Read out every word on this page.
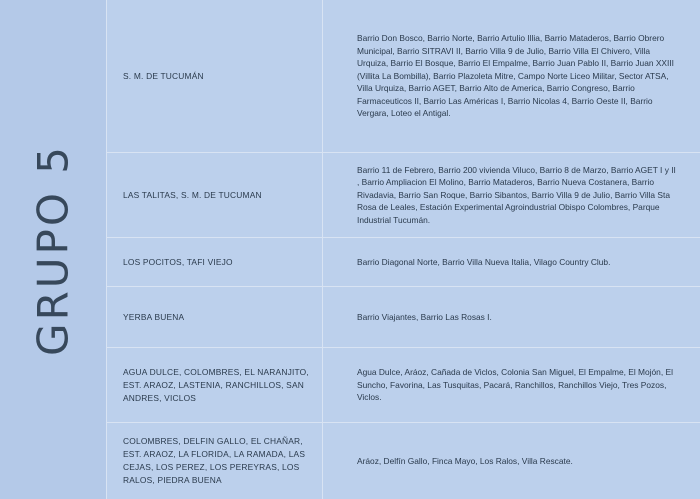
GRUPO 5
S. M. DE TUCUMÁN
Barrio Don Bosco, Barrio Norte, Barrio Artulio Illia, Barrio Mataderos, Barrio Obrero Municipal, Barrio SITRAVI II, Barrio Villa 9 de Julio, Barrio Villa El Chivero, Villa Urquiza, Barrio El Bosque, Barrio El Empalme, Barrio Juan Pablo II, Barrio Juan XXIII (Villita La Bombilla), Barrio Plazoleta Mitre, Campo Norte Liceo Militar, Sector ATSA, Villa Urquiza, Barrio AGET, Barrio Alto de America, Barrio Congreso, Barrio Farmaceuticos II, Barrio Las Américas I, Barrio Nicolas 4, Barrio Oeste II, Barrio Vergara, Loteo el Antigal.
LAS TALITAS, S. M. DE TUCUMAN
Barrio 11 de Febrero, Barrio 200 vivienda Viluco, Barrio 8 de Marzo, Barrio AGET I y II , Barrio Ampliacion El Molino, Barrio Mataderos, Barrio Nueva Costanera, Barrio Rivadavia, Barrio San Roque, Barrio Sibantos, Barrio Villa 9 de Julio, Barrio Villa Sta Rosa de Leales, Estación Experimental Agroindustrial Obispo Colombres, Parque Industrial Tucumán.
LOS POCITOS, TAFI VIEJO	Barrio Diagonal Norte, Barrio Villa Nueva Italia, Vilago Country Club.
YERBA BUENA	Barrio Viajantes, Barrio Las Rosas I.
AGUA DULCE, COLOMBRES, EL NARANJITO, EST. ARAOZ, LASTENIA, RANCHILLOS, SAN ANDRES, VICLOS
Agua Dulce, Aráoz, Cañada de Viclos, Colonia San Miguel, El Empalme, El Mojón, El Suncho, Favorina, Las Tusquitas, Pacará, Ranchillos, Ranchillos Viejo, Tres Pozos, Viclos.
COLOMBRES, DELFIN GALLO, EL CHAÑAR, EST. ARAOZ, LA FLORIDA, LA RAMADA, LAS CEJAS, LOS PEREZ, LOS PEREYRAS, LOS RALOS, PIEDRA BUENA
Aráoz, Delfín Gallo, Finca Mayo, Los Ralos, Villa Rescate.
